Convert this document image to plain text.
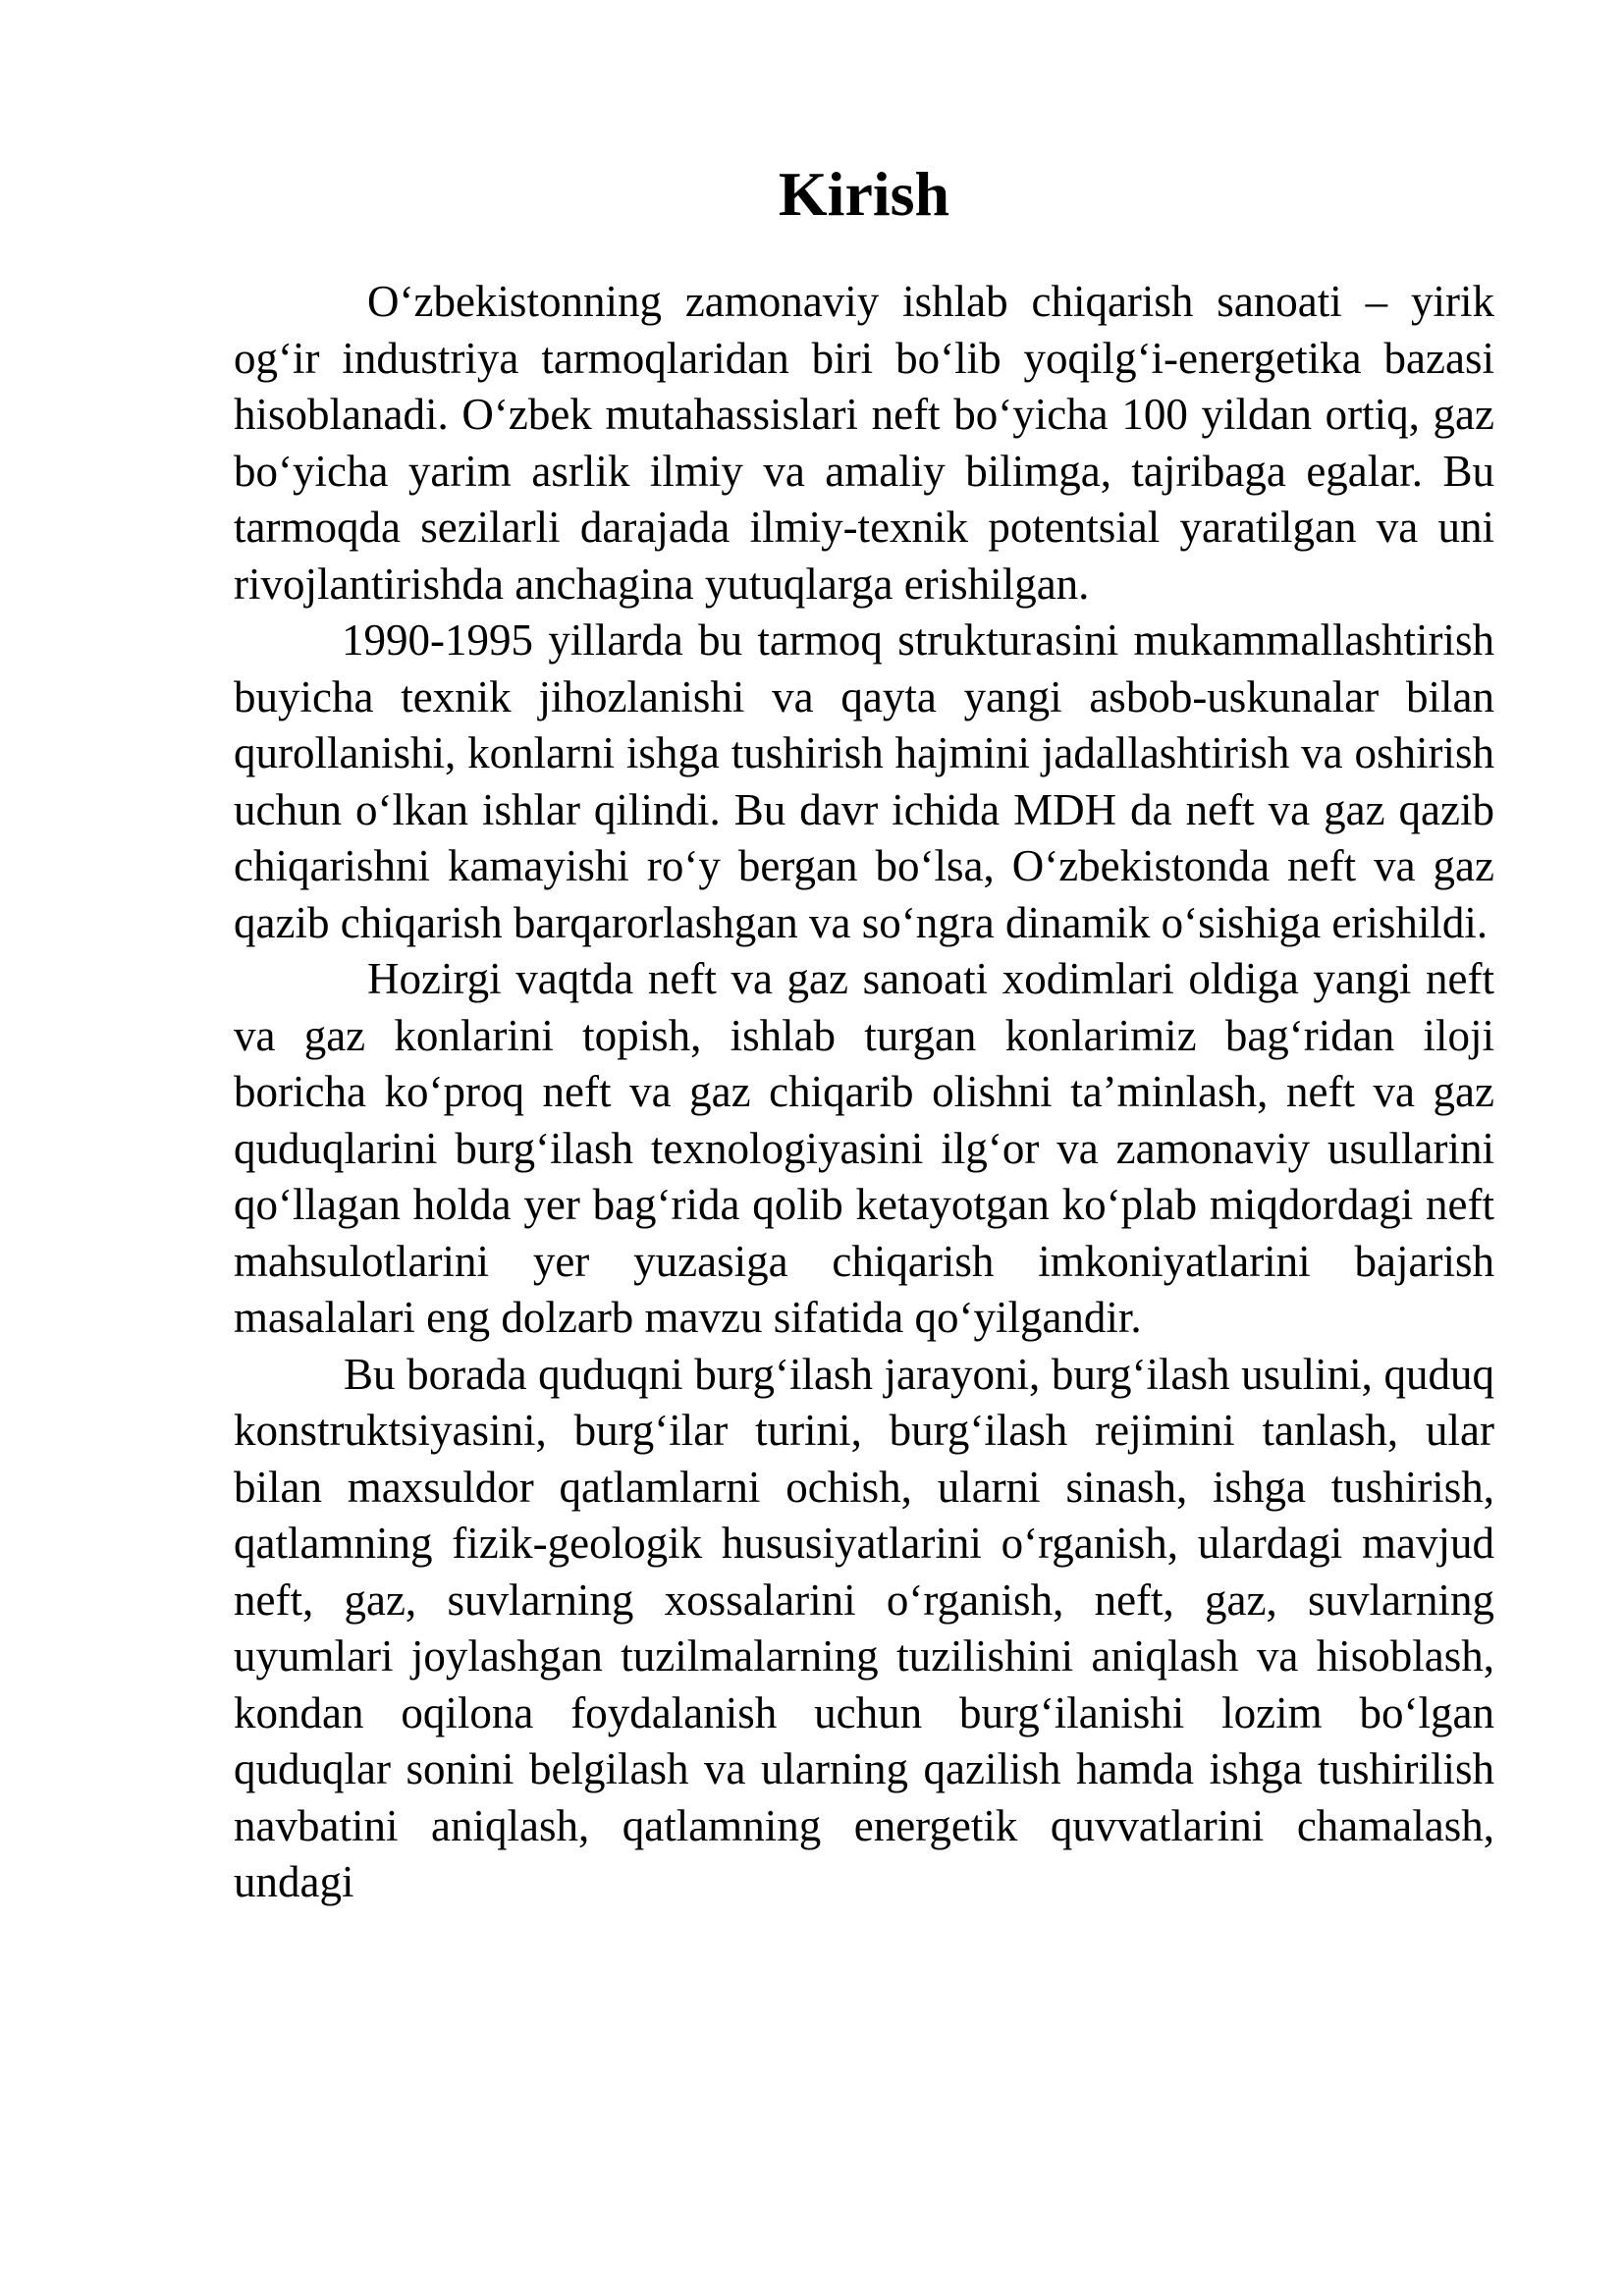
Kirish

O‘zbekistonning zamonaviy ishlab chiqarish sanoati – yirik og‘ir industriya tarmoqlaridan biri bo‘lib yoqilg‘i-energetika bazasi hisoblanadi. O‘zbek mutahassislari neft bo‘yicha 100 yildan ortiq, gaz bo‘yicha yarim asrlik ilmiy va amaliy bilimga, tajribaga egalar. Bu tarmoqda sezilarli darajada ilmiy-texnik potentsial yaratilgan va uni rivojlantirishda anchagina yutuqlarga erishilgan.

1990-1995 yillarda bu tarmoq strukturasini mukammallashtirish buyicha texnik jihozlanishi va qayta yangi asbob-uskunalar bilan qurollanishi, konlarni ishga tushirish hajmini jadallashtirish va oshirish uchun o‘lkan ishlar qilindi. Bu davr ichida MDH da neft va gaz qazib chiqarishni kamayishi ro‘y bergan bo‘lsa, O‘zbekistonda neft va gaz qazib chiqarish barqarorlashgan va so‘ngra dinamik o‘sishiga erishildi.

Hozirgi vaqtda neft va gaz sanoati xodimlari oldiga yangi neft va gaz konlarini topish, ishlab turgan konlarimiz bag‘ridan iloji boricha ko‘proq neft va gaz chiqarib olishni ta’minlash, neft va gaz quduqlarini burg‘ilash texnologiyasini ilg‘or va zamonaviy usullarini qo‘llagan holda yer bag‘rida qolib ketayotgan ko‘plab miqdordagi neft mahsulotlarini yer yuzasiga chiqarish imkoniyatlarini bajarish masalalari eng dolzarb mavzu sifatida qo‘yilgandir.

Bu borada quduqni burg‘ilash jarayoni, burg‘ilash usulini, quduq konstruktsiyasini, burg‘ilar turini, burg‘ilash rejimini tanlash, ular bilan maxsuldor qatlamlarni ochish, ularni sinash, ishga tushirish, qatlamning fizik-geologik hususiyatlarini o‘rganish, ulardagi mavjud neft, gaz, suvlarning xossalarini o‘rganish, neft, gaz, suvlarning uyumlari joylashgan tuzilmalarning tuzilishini aniqlash va hisoblash, kondan oqilona foydalanish uchun burg‘ilanishi lozim bo‘lgan quduqlar sonini belgilash va ularning qazilish hamda ishga tushirilish navbatini aniqlash, qatlamning energetik quvvatlarini chamalash, undagi
